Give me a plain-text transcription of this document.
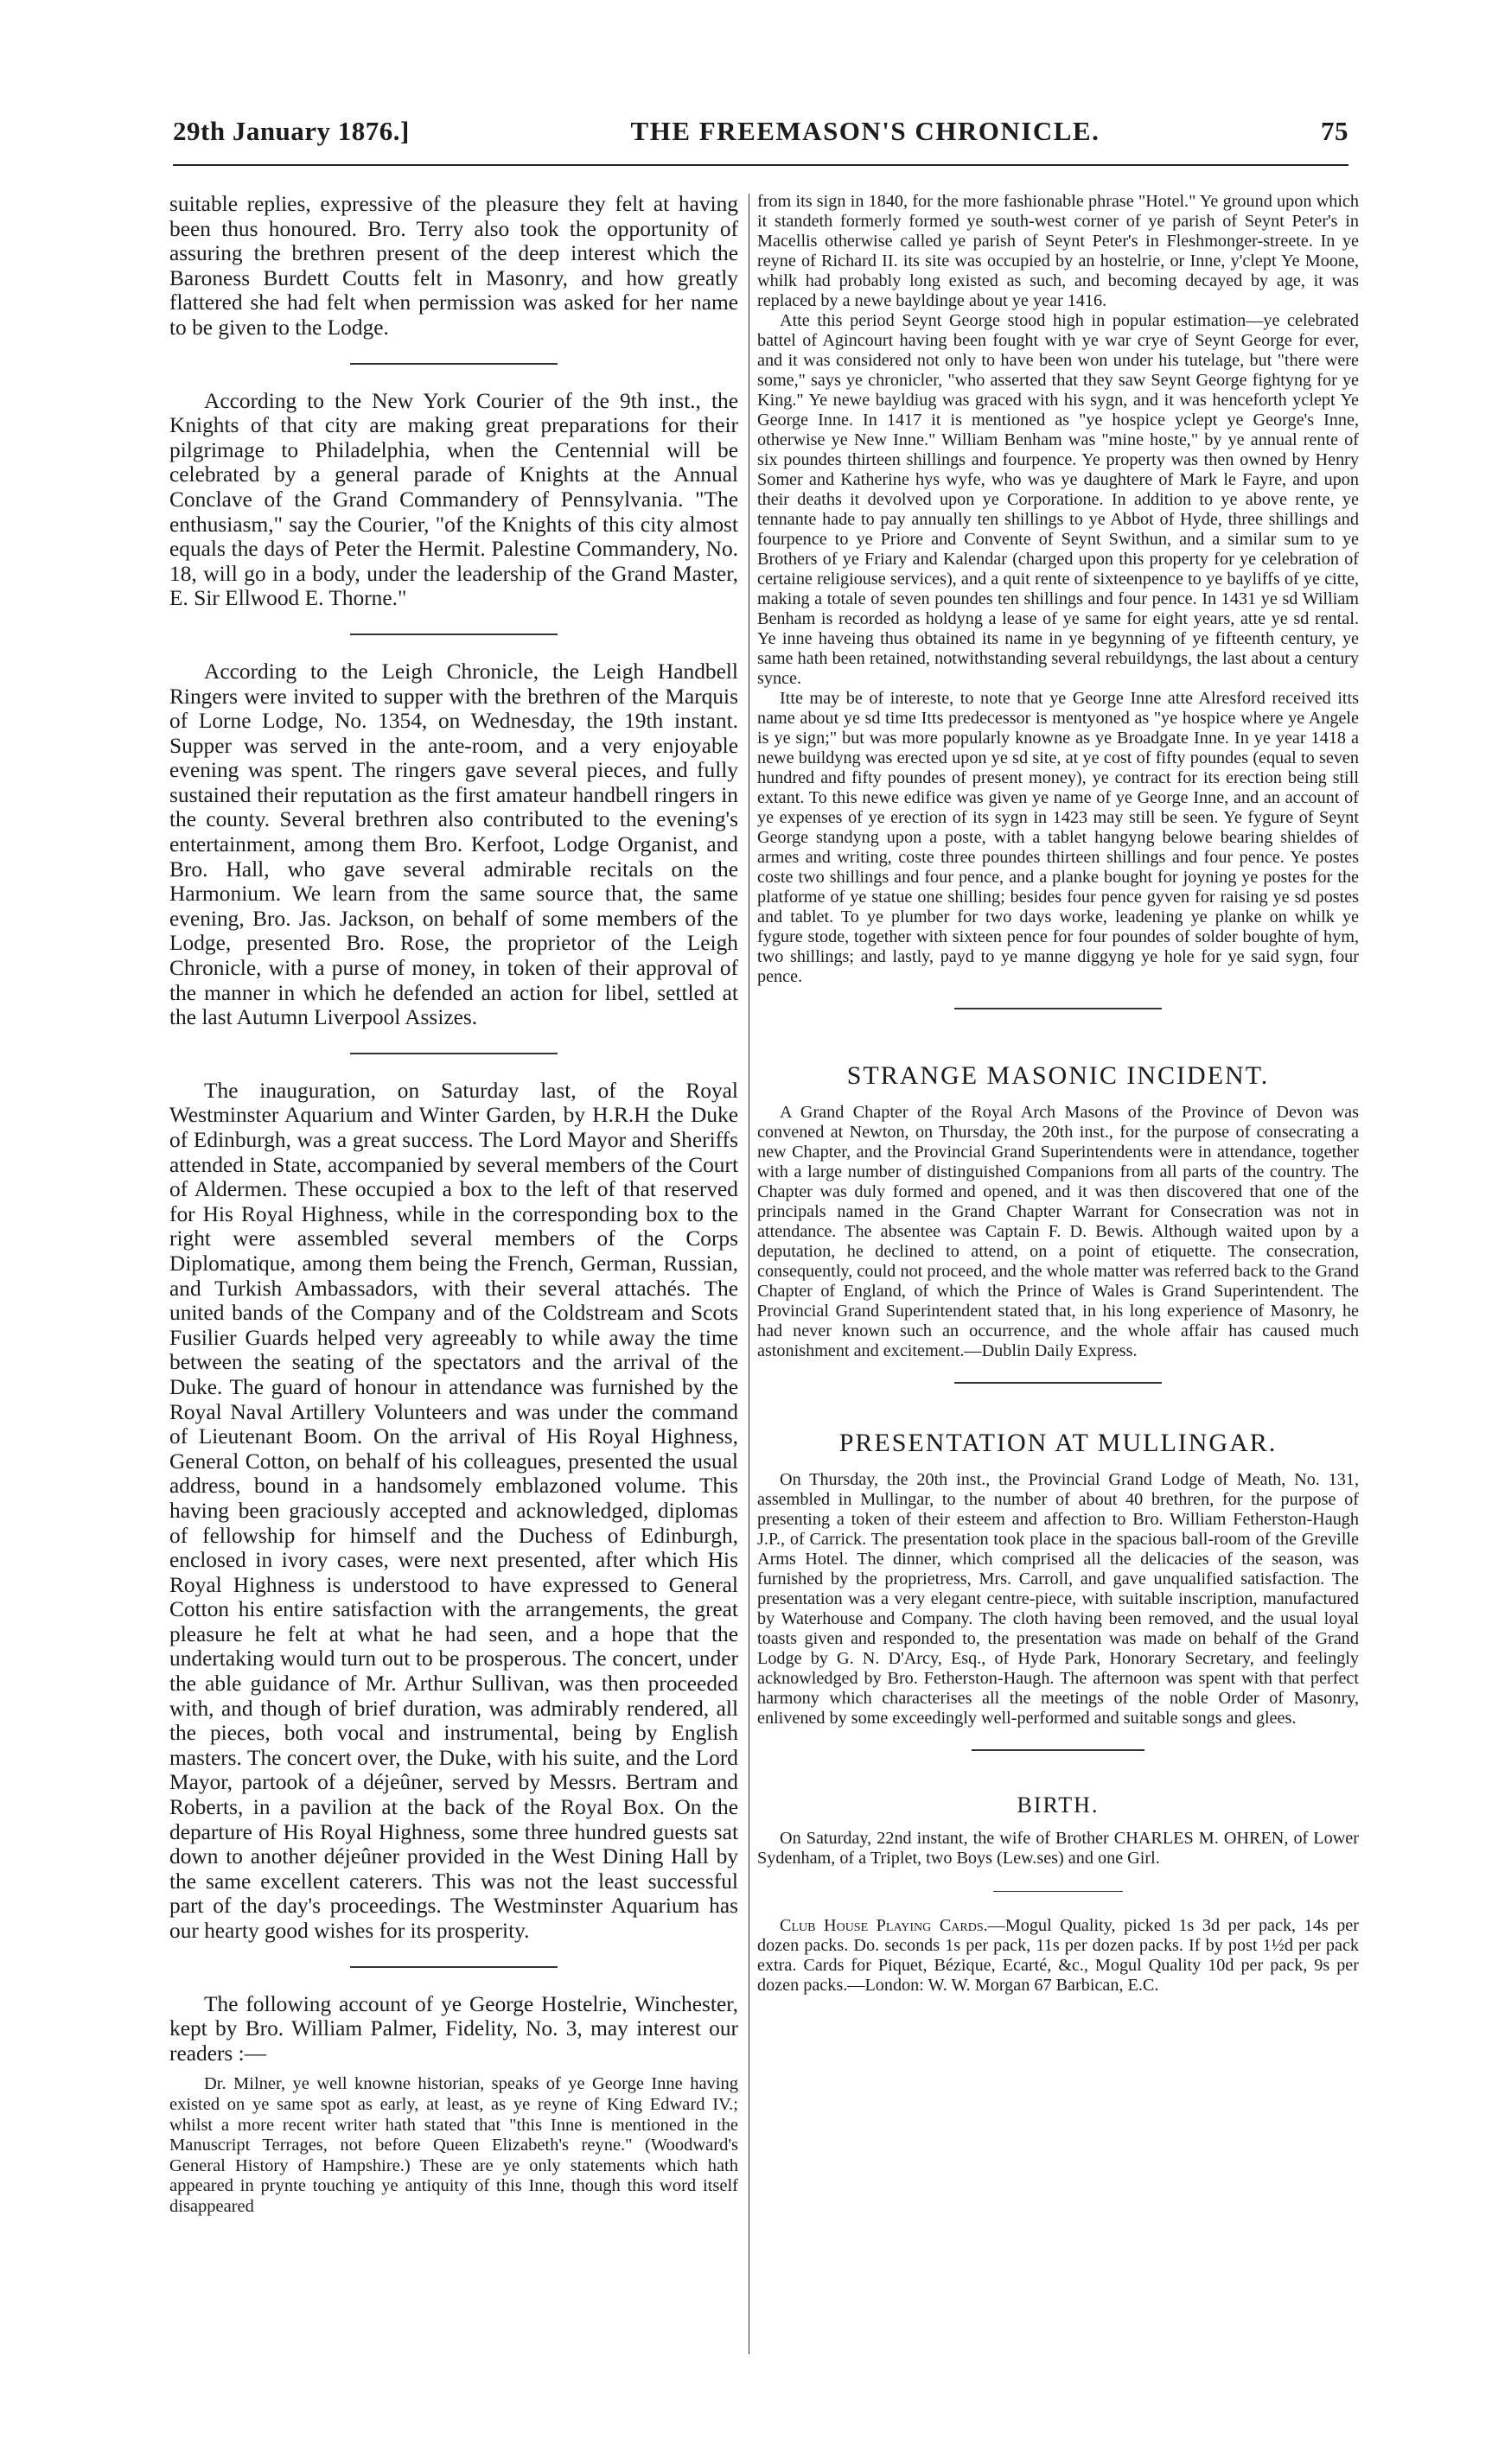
29th January 1876.]	THE FREEMASON'S CHRONICLE.	75

suitable replies, expressive of the pleasure they felt at having been thus honoured. Bro. Terry also took the opportunity of assuring the brethren present of the deep interest which the Baroness Burdett Coutts felt in Masonry, and how greatly flattered she had felt when permission was asked for her name to be given to the Lodge.

According to the New York Courier of the 9th inst., the Knights of that city are making great preparations for their pilgrimage to Philadelphia, when the Centennial will be celebrated by a general parade of Knights at the Annual Conclave of the Grand Commandery of Pennsylvania. "The enthusiasm," say the Courier, "of the Knights of this city almost equals the days of Peter the Hermit. Palestine Commandery, No. 18, will go in a body, under the leadership of the Grand Master, E. Sir Ellwood E. Thorne."

According to the Leigh Chronicle, the Leigh Handbell Ringers were invited to supper with the brethren of the Marquis of Lorne Lodge, No. 1354, on Wednesday, the 19th instant. Supper was served in the ante-room, and a very enjoyable evening was spent. The ringers gave several pieces, and fully sustained their reputation as the first amateur handbell ringers in the county. Several brethren also contributed to the evening's entertainment, among them Bro. Kerfoot, Lodge Organist, and Bro. Hall, who gave several admirable recitals on the Harmonium. We learn from the same source that, the same evening, Bro. Jas. Jackson, on behalf of some members of the Lodge, presented Bro. Rose, the proprietor of the Leigh Chronicle, with a purse of money, in token of their approval of the manner in which he defended an action for libel, settled at the last Autumn Liverpool Assizes.

The inauguration, on Saturday last, of the Royal Westminster Aquarium and Winter Garden, by H.R.H the Duke of Edinburgh, was a great success. The Lord Mayor and Sheriffs attended in State, accompanied by several members of the Court of Aldermen. These occupied a box to the left of that reserved for His Royal Highness, while in the corresponding box to the right were assembled several members of the Corps Diplomatique, among them being the French, German, Russian, and Turkish Ambassadors, with their several attachés. The united bands of the Company and of the Coldstream and Scots Fusilier Guards helped very agreeably to while away the time between the seating of the spectators and the arrival of the Duke. The guard of honour in attendance was furnished by the Royal Naval Artillery Volunteers and was under the command of Lieutenant Boom. On the arrival of His Royal Highness, General Cotton, on behalf of his colleagues, presented the usual address, bound in a handsomely emblazoned volume. This having been graciously accepted and acknowledged, diplomas of fellowship for himself and the Duchess of Edinburgh, enclosed in ivory cases, were next presented, after which His Royal Highness is understood to have expressed to General Cotton his entire satisfaction with the arrangements, the great pleasure he felt at what he had seen, and a hope that the undertaking would turn out to be prosperous. The concert, under the able guidance of Mr. Arthur Sullivan, was then proceeded with, and though of brief duration, was admirably rendered, all the pieces, both vocal and instrumental, being by English masters. The concert over, the Duke, with his suite, and the Lord Mayor, partook of a déjeûner, served by Messrs. Bertram and Roberts, in a pavilion at the back of the Royal Box. On the departure of His Royal Highness, some three hundred guests sat down to another déjeûner provided in the West Dining Hall by the same excellent caterers. This was not the least successful part of the day's proceedings. The Westminster Aquarium has our hearty good wishes for its prosperity.

The following account of ye George Hostelrie, Winchester, kept by Bro. William Palmer, Fidelity, No. 3, may interest our readers :—

Dr. Milner, ye well knowne historian, speaks of ye George Inne having existed on ye same spot as early, at least, as ye reyne of King Edward IV.; whilst a more recent writer hath stated that "this Inne is mentioned in the Manuscript Terrages, not before Queen Elizabeth's reyne." (Woodward's General History of Hampshire.) These are ye only statements which hath appeared in prynte touching ye antiquity of this Inne, though this word itself disappeared

from its sign in 1840, for the more fashionable phrase "Hotel." Ye ground upon which it standeth formerly formed ye south-west corner of ye parish of Seynt Peter's in Macellis otherwise called ye parish of Seynt Peter's in Fleshmonger-streete. In ye reyne of Richard II. its site was occupied by an hostelrie, or Inne, y'clept Ye Moone, whilk had probably long existed as such, and becoming decayed by age, it was replaced by a newe bayldinge about ye year 1416.

Atte this period Seynt George stood high in popular estimation—ye celebrated battel of Agincourt having been fought with ye war crye of Seynt George for ever, and it was considered not only to have been won under his tutelage, but "there were some," says ye chronicler, "who asserted that they saw Seynt George fightyng for ye King." Ye newe bayldiug was graced with his sygn, and it was henceforth yclept Ye George Inne. In 1417 it is mentioned as "ye hospice yclept ye George's Inne, otherwise ye New Inne." William Benham was "mine hoste," by ye annual rente of six poundes thirteen shillings and fourpence. Ye property was then owned by Henry Somer and Katherine hys wyfe, who was ye daughtere of Mark le Fayre, and upon their deaths it devolved upon ye Corporatione. In addition to ye above rente, ye tennante hade to pay annually ten shillings to ye Abbot of Hyde, three shillings and fourpence to ye Priore and Convente of Seynt Swithun, and a similar sum to ye Brothers of ye Friary and Kalendar (charged upon this property for ye celebration of certaine religiouse services), and a quit rente of sixteenpence to ye bayliffs of ye citte, making a totale of seven poundes ten shillings and four pence. In 1431 ye sd William Benham is recorded as holdyng a lease of ye same for eight years, atte ye sd rental. Ye inne haveing thus obtained its name in ye begynning of ye fifteenth century, ye same hath been retained, notwithstanding several rebuildyngs, the last about a century synce.

Itte may be of intereste, to note that ye George Inne atte Alresford received itts name about ye sd time Itts predecessor is mentyoned as "ye hospice where ye Angele is ye sign;" but was more popularly knowne as ye Broadgate Inne. In ye year 1418 a newe buildyng was erected upon ye sd site, at ye cost of fifty poundes (equal to seven hundred and fifty poundes of present money), ye contract for its erection being still extant. To this newe edifice was given ye name of ye George Inne, and an account of ye expenses of ye erection of its sygn in 1423 may still be seen. Ye fygure of Seynt George standyng upon a poste, with a tablet hangyng belowe bearing shieldes of armes and writing, coste three poundes thirteen shillings and four pence. Ye postes coste two shillings and four pence, and a planke bought for joyning ye postes for the platforme of ye statue one shilling; besides four pence gyven for raising ye sd postes and tablet. To ye plumber for two days worke, leadening ye planke on whilk ye fygure stode, together with sixteen pence for four poundes of solder boughte of hym, two shillings; and lastly, payd to ye manne diggyng ye hole for ye said sygn, four pence.

STRANGE MASONIC INCIDENT.

A Grand Chapter of the Royal Arch Masons of the Province of Devon was convened at Newton, on Thursday, the 20th inst., for the purpose of consecrating a new Chapter, and the Provincial Grand Superintendents were in attendance, together with a large number of distinguished Companions from all parts of the country. The Chapter was duly formed and opened, and it was then discovered that one of the principals named in the Grand Chapter Warrant for Consecration was not in attendance. The absentee was Captain F. D. Bewis. Although waited upon by a deputation, he declined to attend, on a point of etiquette. The consecration, consequently, could not proceed, and the whole matter was referred back to the Grand Chapter of England, of which the Prince of Wales is Grand Superintendent. The Provincial Grand Superintendent stated that, in his long experience of Masonry, he had never known such an occurrence, and the whole affair has caused much astonishment and excitement.—Dublin Daily Express.

PRESENTATION AT MULLINGAR.

On Thursday, the 20th inst., the Provincial Grand Lodge of Meath, No. 131, assembled in Mullingar, to the number of about 40 brethren, for the purpose of presenting a token of their esteem and affection to Bro. William Fetherston-Haugh J.P., of Carrick. The presentation took place in the spacious ball-room of the Greville Arms Hotel. The dinner, which comprised all the delicacies of the season, was furnished by the proprietress, Mrs. Carroll, and gave unqualified satisfaction. The presentation was a very elegant centre-piece, with suitable inscription, manufactured by Waterhouse and Company. The cloth having been removed, and the usual loyal toasts given and responded to, the presentation was made on behalf of the Grand Lodge by G. N. D'Arcy, Esq., of Hyde Park, Honorary Secretary, and feelingly acknowledged by Bro. Fetherston-Haugh. The afternoon was spent with that perfect harmony which characterises all the meetings of the noble Order of Masonry, enlivened by some exceedingly well-performed and suitable songs and glees.

BIRTH.

On Saturday, 22nd instant, the wife of Brother CHARLES M. OHREN, of Lower Sydenham, of a Triplet, two Boys (Lew.ses) and one Girl.

Club House Playing Cards.—Mogul Quality, picked 1s 3d per pack, 14s per dozen packs. Do. seconds 1s per pack, 11s per dozen packs. If by post 1½d per pack extra. Cards for Piquet, Bézique, Ecarté, &c., Mogul Quality 10d per pack, 9s per dozen packs.—London: W. W. Morgan 67 Barbican, E.C.
